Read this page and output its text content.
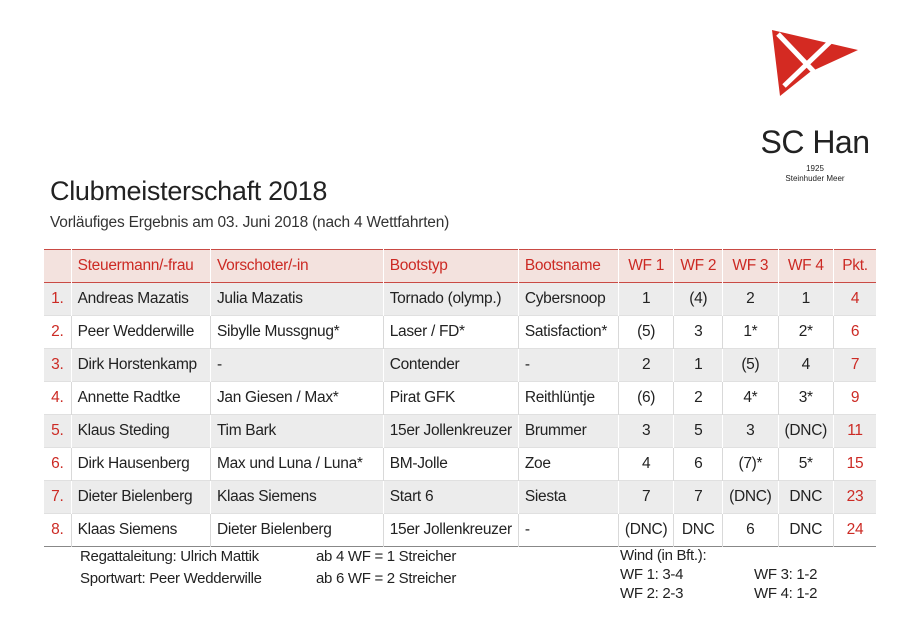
SC Han
1925
Steinhuder Meer
Clubmeisterschaft 2018
Vorläufiges Ergebnis am 03. Juni 2018 (nach 4 Wettfahrten)
	Steuermann/-frau	Vorschoter/-in	Bootstyp	Bootsname	WF 1	WF 2	WF 3	WF 4	Pkt.
1.	Andreas Mazatis	Julia Mazatis	Tornado (olymp.)	Cybersnoop	1	(4)	2	1	4
2.	Peer Wedderwille	Sibylle Mussgnug*	Laser / FD*	Satisfaction*	(5)	3	1*	2*	6
3.	Dirk Horstenkamp	-	Contender	-	2	1	(5)	4	7
4.	Annette Radtke	Jan Giesen / Max*	Pirat GFK	Reithlüntje	(6)	2	4*	3*	9
5.	Klaus Steding	Tim Bark	15er Jollenkreuzer	Brummer	3	5	3	(DNC)	11
6.	Dirk Hausenberg	Max und Luna / Luna*	BM-Jolle	Zoe	4	6	(7)*	5*	15
7.	Dieter Bielenberg	Klaas Siemens	Start 6	Siesta	7	7	(DNC)	DNC	23
8.	Klaas Siemens	Dieter Bielenberg	15er Jollenkreuzer	-	(DNC)	DNC	6	DNC	24
Regattaleitung: Ulrich Mattik
Sportwart: Peer Wedderwille
ab 4 WF = 1 Streicher
ab 6 WF = 2 Streicher
Wind (in Bft.):
WF 1: 3-4
WF 2: 2-3
WF 3: 1-2
WF 4: 1-2
